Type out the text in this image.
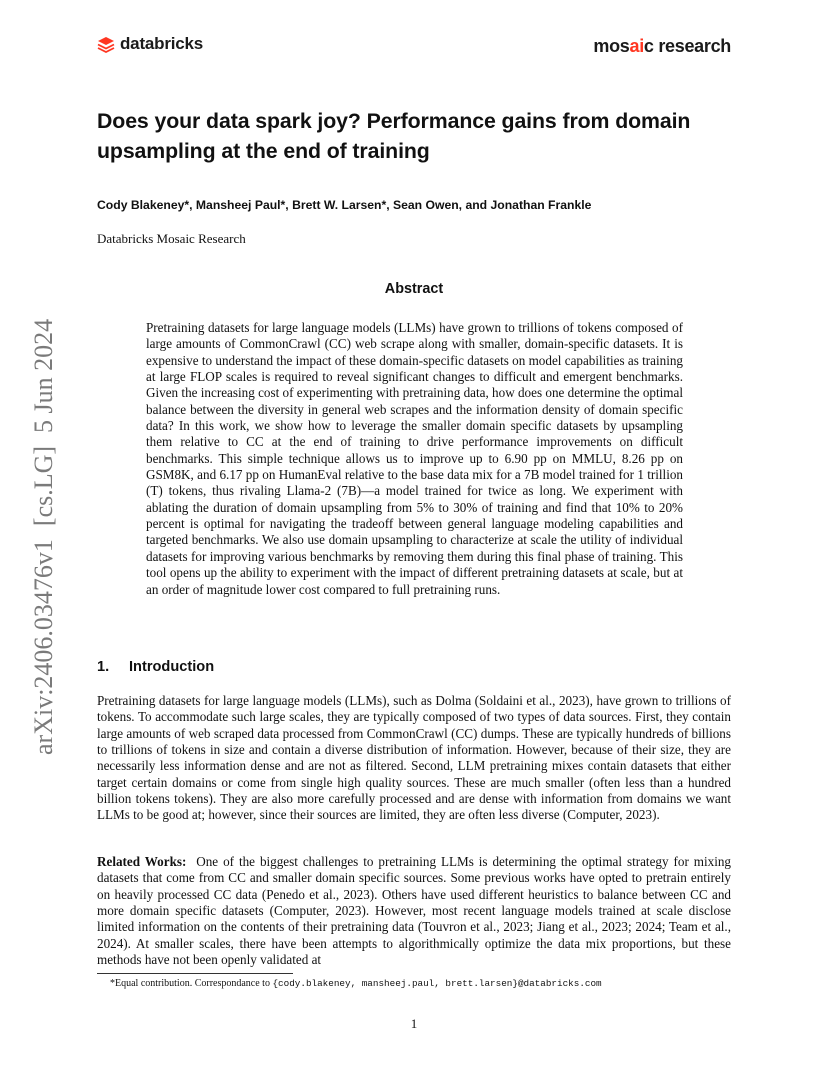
databricks	mosaic research
arXiv:2406.03476v1  [cs.LG]  5 Jun 2024
Does your data spark joy? Performance gains from domain upsampling at the end of training
Cody Blakeney*, Mansheej Paul*, Brett W. Larsen*, Sean Owen, and Jonathan Frankle
Databricks Mosaic Research
Abstract
Pretraining datasets for large language models (LLMs) have grown to trillions of tokens composed of large amounts of CommonCrawl (CC) web scrape along with smaller, domain-specific datasets. It is expensive to understand the impact of these domain-specific datasets on model capabilities as training at large FLOP scales is required to reveal significant changes to difficult and emergent benchmarks. Given the increasing cost of experimenting with pretraining data, how does one determine the optimal balance between the diversity in general web scrapes and the information density of domain specific data? In this work, we show how to leverage the smaller domain specific datasets by upsampling them relative to CC at the end of training to drive performance improvements on difficult benchmarks. This simple technique allows us to improve up to 6.90 pp on MMLU, 8.26 pp on GSM8K, and 6.17 pp on HumanEval relative to the base data mix for a 7B model trained for 1 trillion (T) tokens, thus rivaling Llama-2 (7B)—a model trained for twice as long. We experiment with ablating the duration of domain upsampling from 5% to 30% of training and find that 10% to 20% percent is optimal for navigating the tradeoff between general language modeling capabilities and targeted benchmarks. We also use domain upsampling to characterize at scale the utility of individual datasets for improving various benchmarks by removing them during this final phase of training. This tool opens up the ability to experiment with the impact of different pretraining datasets at scale, but at an order of magnitude lower cost compared to full pretraining runs.
1. Introduction
Pretraining datasets for large language models (LLMs), such as Dolma (Soldaini et al., 2023), have grown to trillions of tokens. To accommodate such large scales, they are typically composed of two types of data sources. First, they contain large amounts of web scraped data processed from CommonCrawl (CC) dumps. These are typically hundreds of billions to trillions of tokens in size and contain a diverse distribution of information. However, because of their size, they are necessarily less information dense and are not as filtered. Second, LLM pretraining mixes contain datasets that either target certain domains or come from single high quality sources. These are much smaller (often less than a hundred billion tokens tokens). They are also more carefully processed and are dense with information from domains we want LLMs to be good at; however, since their sources are limited, they are often less diverse (Computer, 2023).
Related Works: One of the biggest challenges to pretraining LLMs is determining the optimal strategy for mixing datasets that come from CC and smaller domain specific sources. Some previous works have opted to pretrain entirely on heavily processed CC data (Penedo et al., 2023). Others have used different heuristics to balance between CC and more domain specific datasets (Computer, 2023). However, most recent language models trained at scale disclose limited information on the contents of their pretraining data (Touvron et al., 2023; Jiang et al., 2023; 2024; Team et al., 2024). At smaller scales, there have been attempts to algorithmically optimize the data mix proportions, but these methods have not been openly validated at
*Equal contribution. Correspondance to {cody.blakeney, mansheej.paul, brett.larsen}@databricks.com
1
